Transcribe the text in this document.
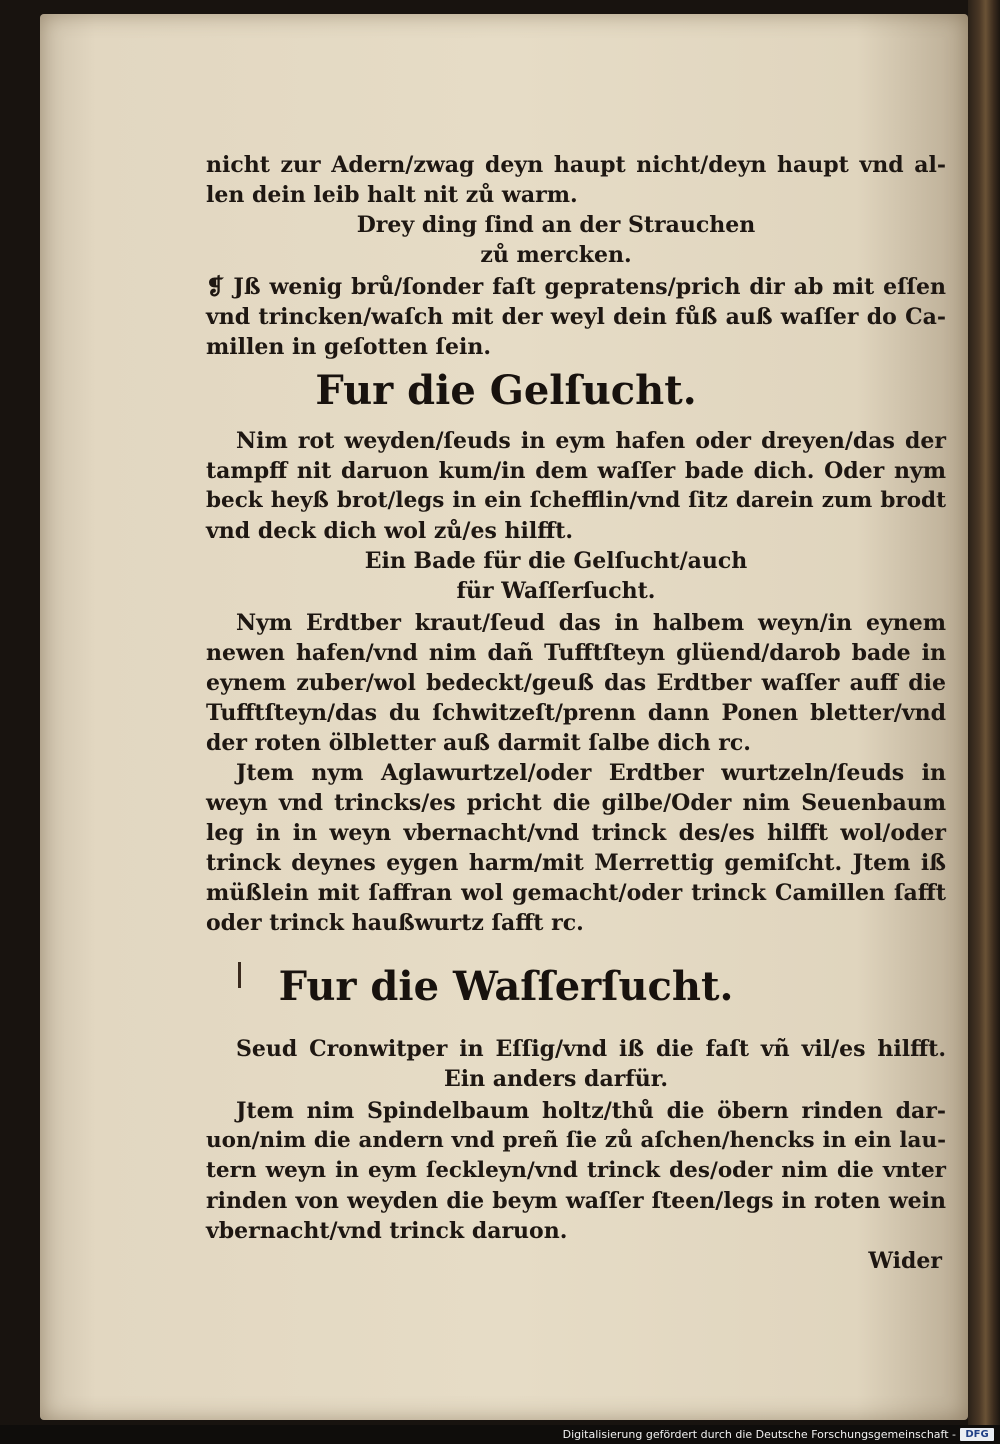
nicht zur Adern/zwag deyn haupt nicht/deyn haupt vnd al-

len dein leib halt nit zů warm.

Drey ding ſind an der Strauchen

zů mercken.

❡ Jß wenig brů/ſonder faſt gepratens/prich dir ab mit eſſen

vnd trincken/waſch mit der weyl dein fůß auß waſſer do Ca-

millen in geſotten ſein.

Fur die Gelſucht.

Nim rot weyden/ſeuds in eym hafen oder dreyen/das der

tampff nit daruon kum/in dem waſſer bade dich. Oder nym

beck heyß brot/legs in ein ſchefflin/vnd ſitz darein zum brodt

vnd deck dich wol zů/es hilfft.

Ein Bade für die Gelſucht/auch

für Waſſerſucht.

Nym Erdtber kraut/ſeud das in halbem weyn/in eynem

newen hafen/vnd nim dañ Tufftſteyn glüend/darob bade in

eynem zuber/wol bedeckt/geuß das Erdtber waſſer auff die

Tufftſteyn/das du ſchwitzeſt/prenn dann Ponen bletter/vnd

der roten ölbletter auß darmit ſalbe dich rc.

Jtem nym Aglawurtzel/oder Erdtber wurtzeln/ſeuds in

weyn vnd trincks/es pricht die gilbe/Oder nim Seuenbaum

leg in in weyn vbernacht/vnd trinck des/es hilfft wol/oder

trinck deynes eygen harm/mit Merrettig gemiſcht. Jtem iß

müßlein mit ſaffran wol gemacht/oder trinck Camillen ſafft

oder trinck haußwurtz ſafft rc.

Fur die Waſſerſucht.

Seud Cronwitper in Eſſig/vnd iß die faſt vñ vil/es hilfft.

Ein anders darfür.

Jtem nim Spindelbaum holtz/thů die öbern rinden dar-

uon/nim die andern vnd preñ ſie zů aſchen/hencks in ein lau-

tern weyn in eym ſeckleyn/vnd trinck des/oder nim die vnter

rinden von weyden die beym waſſer ſteen/legs in roten wein

vbernacht/vnd trinck daruon.

Wider

Digitalisierung gefördert durch die Deutsche Forschungsgemeinschaft - DFG
